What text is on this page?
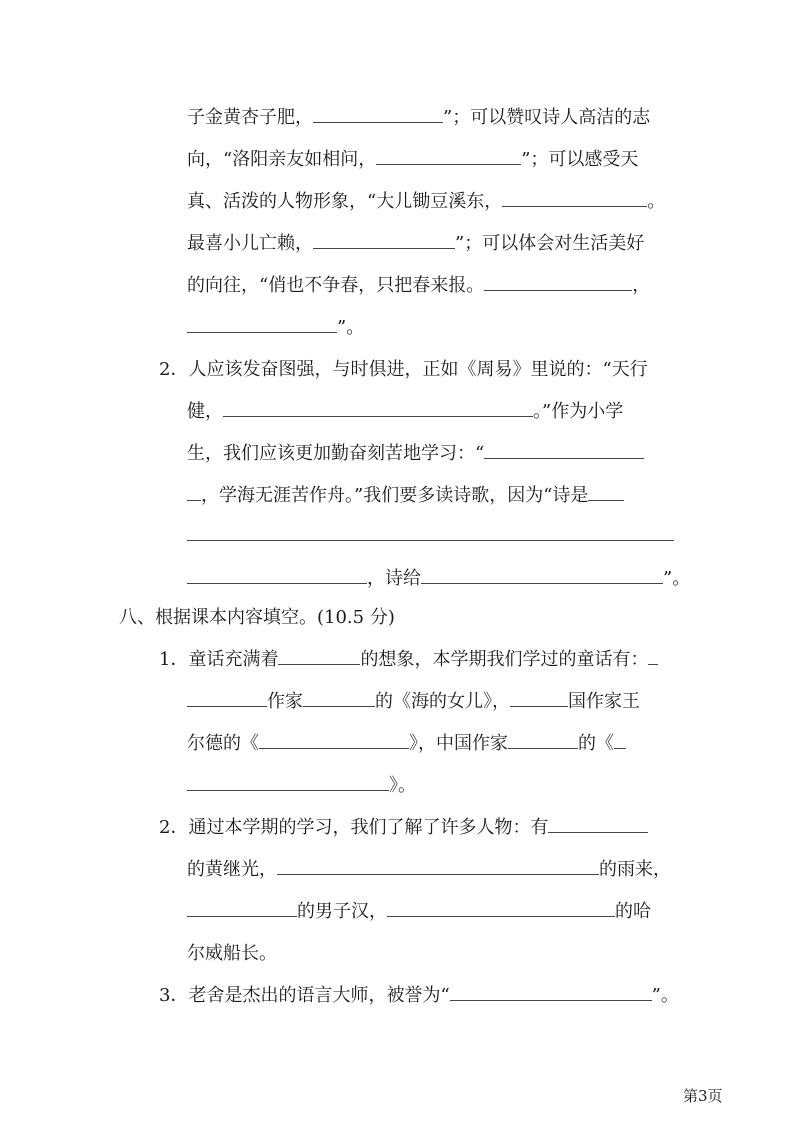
子金黄杏子肥，	”；可以赞叹诗人高洁的志
向，“洛阳亲友如相问，	”；可以感受天
真、活泼的人物形象，“大儿锄豆溪东，	。
最喜小儿亡赖，	”；可以体会对生活美好
的向往，“俏也不争春，只把春来报。	，
”。
2．人应该发奋图强，与时俱进，正如《周易》里说的：“天行
健，	。”作为小学
生，我们应该更加勤奋刻苦地学习：“
，学海无涯苦作舟。”我们要多读诗歌，因为“诗是
，诗给	”。
八、根据课本内容填空。(10.5 分)
1．童话充满着	的想象，本学期我们学过的童话有：
作家	的《海的女儿》，	国作家王
尔德的《	》，中国作家	的《
》。
2．通过本学期的学习，我们了解了许多人物：有
的黄继光，	的雨来，
的男子汉，	的哈
尔威船长。
3．老舍是杰出的语言大师，被誉为“	”。
第3页
